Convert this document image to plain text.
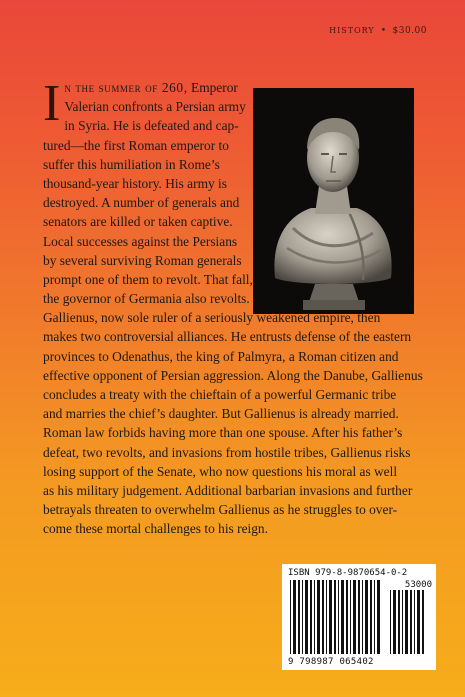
HISTORY • $30.00
I n the summer of 260, Emperor
Valerian confronts a Persian army
in Syria. He is defeated and cap-
tured—the first Roman emperor to
suffer this humiliation in Rome’s
thousand-year history. His army is
destroyed. A number of generals and
senators are killed or taken captive.
Local successes against the Persians
by several surviving Roman generals
prompt one of them to revolt. That fall,
the governor of Germania also revolts.
Gallienus, now sole ruler of a seriously weakened empire, then
makes two controversial alliances. He entrusts defense of the eastern
provinces to Odenathus, the king of Palmyra, a Roman citizen and
effective opponent of Persian aggression. Along the Danube, Gallienus
concludes a treaty with the chieftain of a powerful Germanic tribe
and marries the chief’s daughter. But Gallienus is already married.
Roman law forbids having more than one spouse. After his father’s
defeat, two revolts, and invasions from hostile tribes, Gallienus risks
losing support of the Senate, who now questions his moral as well
as his military judgement. Additional barbarian invasions and further
betrayals threaten to overwhelm Gallienus as he struggles to over-
come these mortal challenges to his reign.
ISBN 979-8-9870654-0-2
53000
9 798987 065402
